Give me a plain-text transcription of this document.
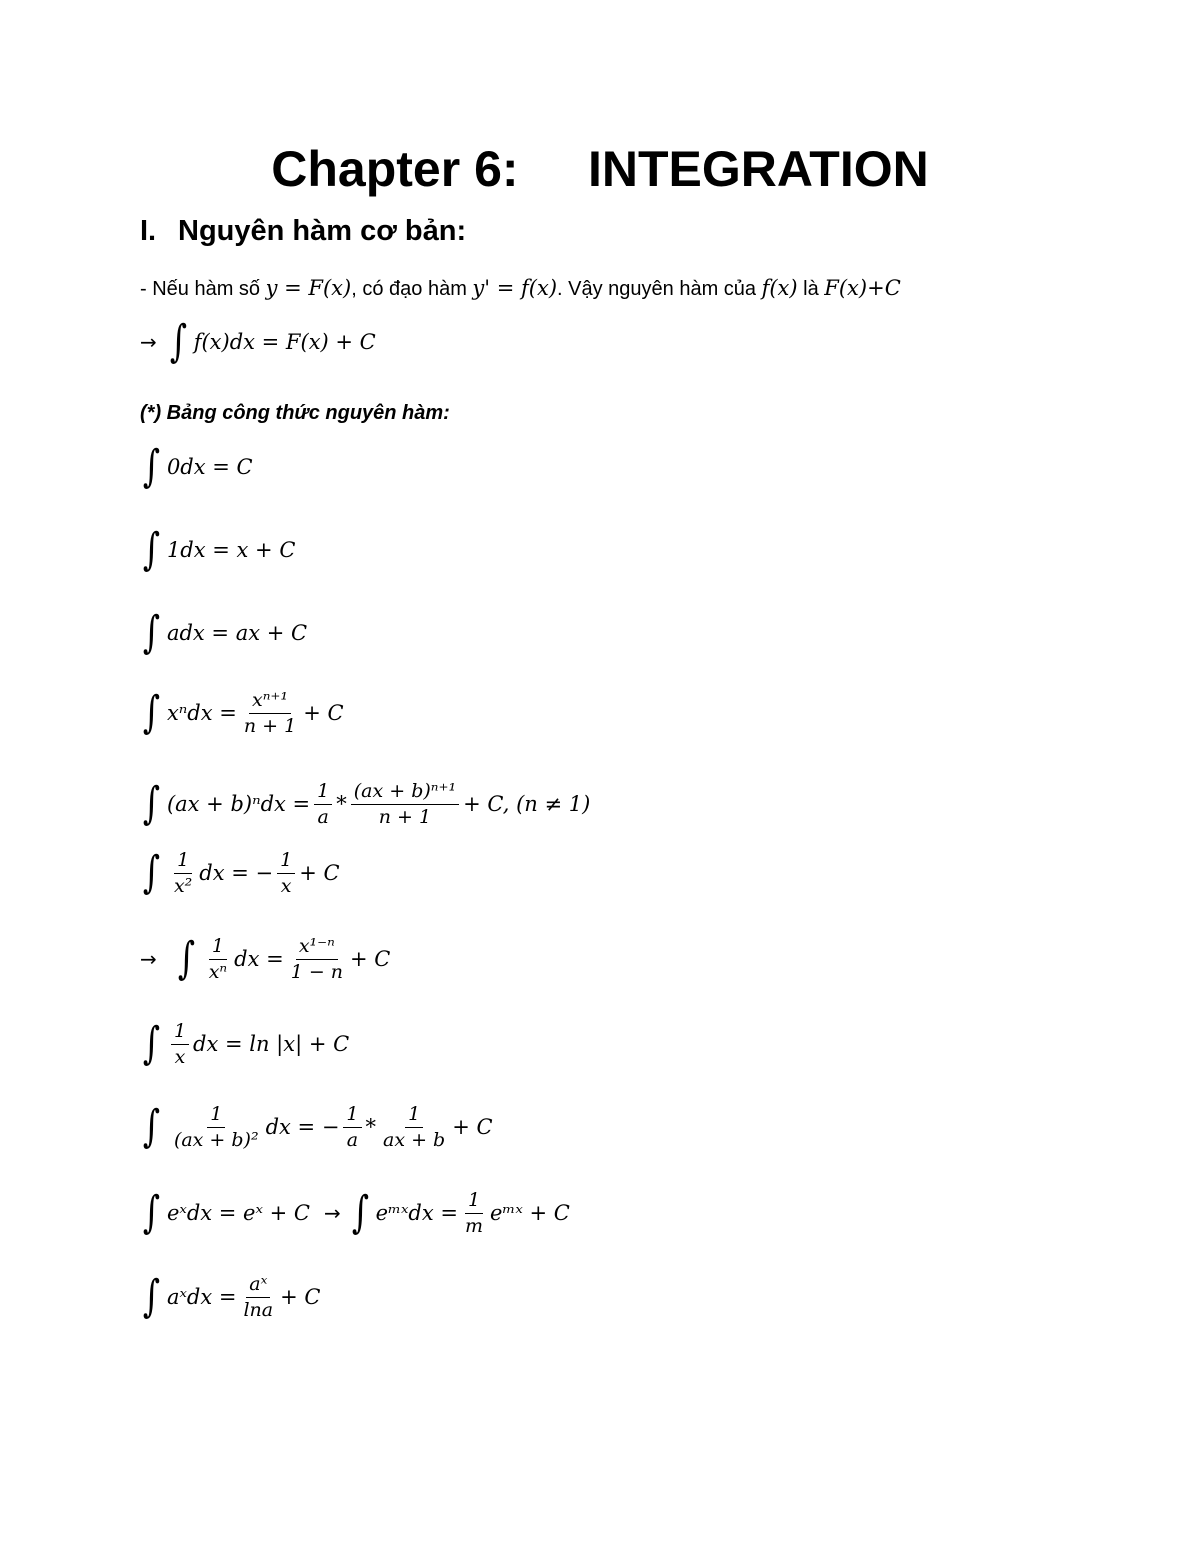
Chapter 6:     INTEGRATION
I. Nguyên hàm cơ bản:
- Nếu hàm số y = F(x), có đạo hàm y' = f(x). Vậy nguyên hàm của f(x) là F(x)+C
→ ∫ f(x)dx = F(x) + C
(*) Bảng công thức nguyên hàm:
∫ 0dx = C
∫ 1dx = x + C
∫ adx = ax + C
∫ $x^ndx = \frac{\text{xⁿ⁺¹}}{n + 1} + C$
∫ $(ax + b)^ndx = \frac{1}{a} * \frac{\text{(ax + b)ⁿ⁺¹}}{n + 1} + C$, (n ≠ 1)
∫ $\frac{1}{\text{x²}}$ dx = − $\frac{1}{x} + C$
→ ∫ $\frac{1}{\text{xⁿ}}$ dx = $\frac{\text{x¹⁻ⁿ}}{1 - n} + C$
∫ $\frac{1}{x}$ dx = ln |x| + C
∫ $\frac{1}{\text{(ax + b)²}}$ dx = − $\frac{1}{a} * \frac{1}{ax + b} + C$
∫ eˣdx = eˣ + C → ∫ eᵐˣdx = $\frac{1}{m}$ eᵐˣ + C
∫ aˣdx = $\frac{\text{aˣ}}{\ln a} + C$
